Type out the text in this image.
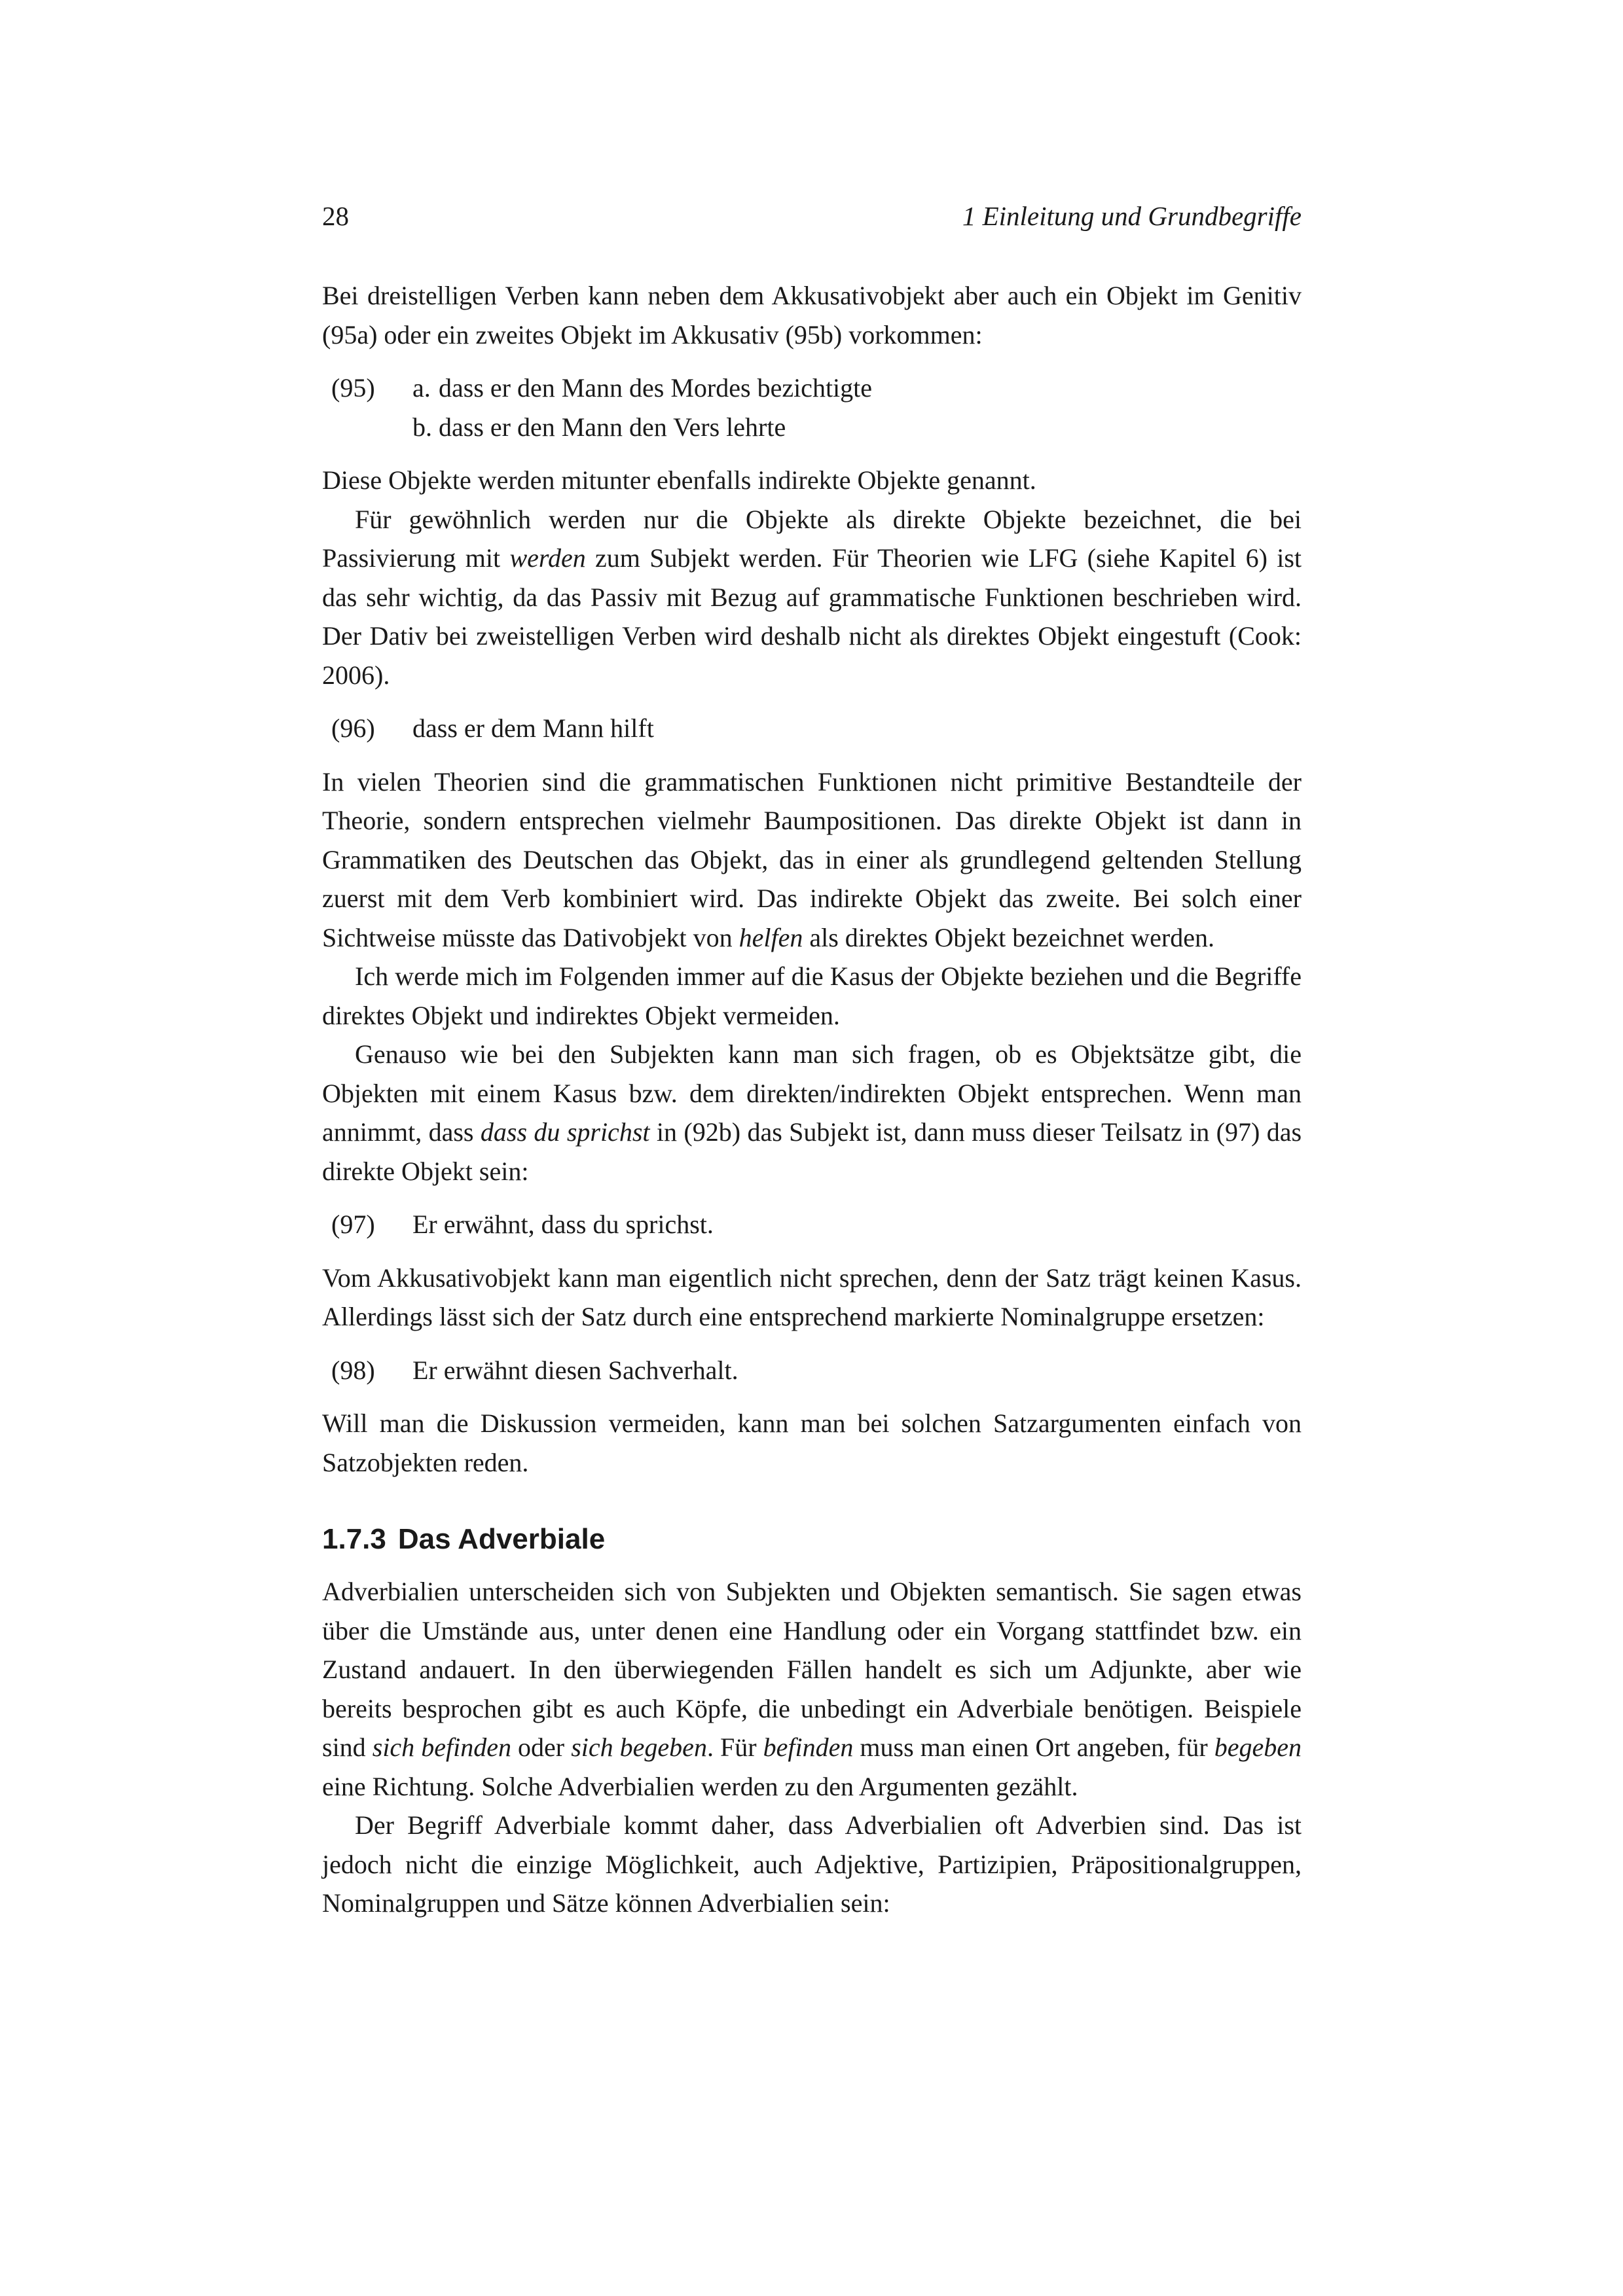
28	1 Einleitung und Grundbegriffe

Bei dreistelligen Verben kann neben dem Akkusativobjekt aber auch ein Objekt im Genitiv (95a) oder ein zweites Objekt im Akkusativ (95b) vorkommen:

(95)	a. dass er den Mann des Mordes bezichtigte
b. dass er den Mann den Vers lehrte

Diese Objekte werden mitunter ebenfalls indirekte Objekte genannt.

Für gewöhnlich werden nur die Objekte als direkte Objekte bezeichnet, die bei Passivierung mit werden zum Subjekt werden. Für Theorien wie LFG (siehe Kapitel 6) ist das sehr wichtig, da das Passiv mit Bezug auf grammatische Funktionen beschrieben wird. Der Dativ bei zweistelligen Verben wird deshalb nicht als direktes Objekt eingestuft (Cook: 2006).

(96)	dass er dem Mann hilft

In vielen Theorien sind die grammatischen Funktionen nicht primitive Bestandteile der Theorie, sondern entsprechen vielmehr Baumpositionen. Das direkte Objekt ist dann in Grammatiken des Deutschen das Objekt, das in einer als grundlegend geltenden Stellung zuerst mit dem Verb kombiniert wird. Das indirekte Objekt das zweite. Bei solch einer Sichtweise müsste das Dativobjekt von helfen als direktes Objekt bezeichnet werden.

Ich werde mich im Folgenden immer auf die Kasus der Objekte beziehen und die Begriffe direktes Objekt und indirektes Objekt vermeiden.

Genauso wie bei den Subjekten kann man sich fragen, ob es Objektsätze gibt, die Objekten mit einem Kasus bzw. dem direkten/indirekten Objekt entsprechen. Wenn man annimmt, dass dass du sprichst in (92b) das Subjekt ist, dann muss dieser Teilsatz in (97) das direkte Objekt sein:

(97)	Er erwähnt, dass du sprichst.

Vom Akkusativobjekt kann man eigentlich nicht sprechen, denn der Satz trägt keinen Kasus. Allerdings lässt sich der Satz durch eine entsprechend markierte Nominalgruppe ersetzen:

(98)	Er erwähnt diesen Sachverhalt.

Will man die Diskussion vermeiden, kann man bei solchen Satzargumenten einfach von Satzobjekten reden.

1.7.3 Das Adverbiale

Adverbialien unterscheiden sich von Subjekten und Objekten semantisch. Sie sagen etwas über die Umstände aus, unter denen eine Handlung oder ein Vorgang stattfindet bzw. ein Zustand andauert. In den überwiegenden Fällen handelt es sich um Adjunkte, aber wie bereits besprochen gibt es auch Köpfe, die unbedingt ein Adverbiale benötigen. Beispiele sind sich befinden oder sich begeben. Für befinden muss man einen Ort angeben, für begeben eine Richtung. Solche Adverbialien werden zu den Argumenten gezählt.

Der Begriff Adverbiale kommt daher, dass Adverbialien oft Adverbien sind. Das ist jedoch nicht die einzige Möglichkeit, auch Adjektive, Partizipien, Präpositionalgruppen, Nominalgruppen und Sätze können Adverbialien sein:
